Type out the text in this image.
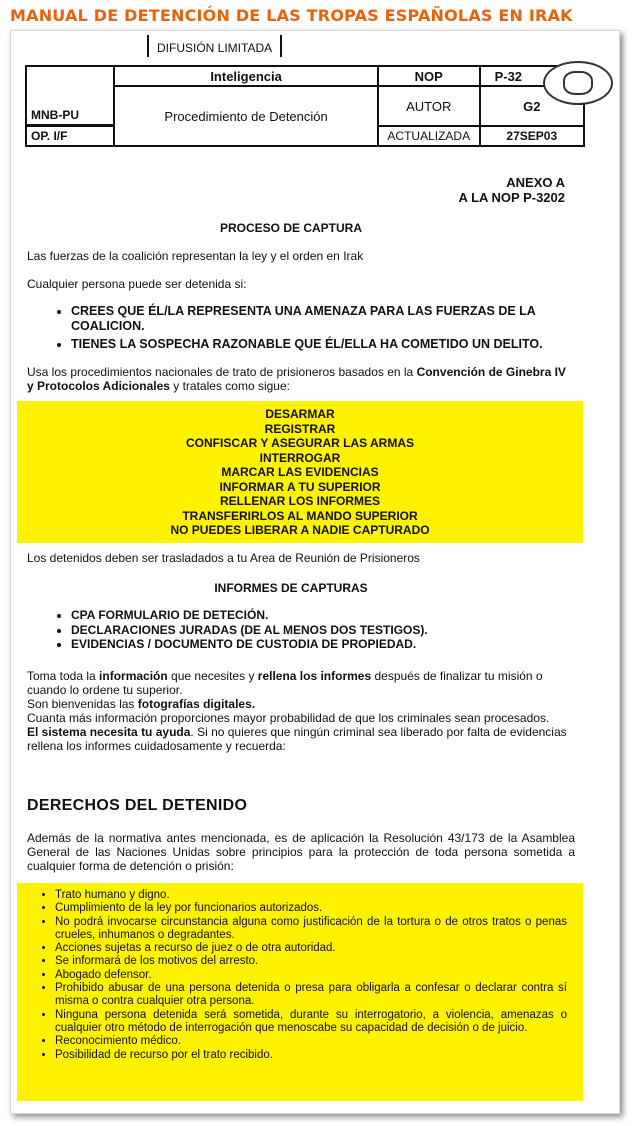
MANUAL DE DETENCIÓN DE LAS TROPAS ESPAÑOLAS EN IRAK
DIFUSIÓN LIMITADA
MNB-PU	Inteligencia	NOP	P-32
	Procedimiento de Detención	AUTOR	G2
OP. I/F		ACTUALIZADA	27SEP03
ANEXO A
A LA NOP P-3202
PROCESO DE CAPTURA
Las fuerzas de la coalición representan la ley y el orden en Irak
Cualquier persona puede ser detenida si:
• CREES QUE ÉL/LA REPRESENTA UNA AMENAZA PARA LAS FUERZAS DE LA COALICION.
• TIENES LA SOSPECHA RAZONABLE QUE ÉL/ELLA HA COMETIDO UN DELITO.
Usa los procedimientos nacionales de trato de prisioneros basados en la Convención de Ginebra IV y Protocolos Adicionales y tratales como sigue:
DESARMAR
REGISTRAR
CONFISCAR Y ASEGURAR LAS ARMAS
INTERROGAR
MARCAR LAS EVIDENCIAS
INFORMAR A TU SUPERIOR
RELLENAR LOS INFORMES
TRANSFERIRLOS AL MANDO SUPERIOR
NO PUEDES LIBERAR A NADIE CAPTURADO
Los detenidos deben ser trasladados a tu Area de Reunión de Prisioneros
INFORMES DE CAPTURAS
• CPA FORMULARIO DE DETECIÓN.
• DECLARACIONES JURADAS (DE AL MENOS DOS TESTIGOS).
• EVIDENCIAS / DOCUMENTO DE CUSTODIA DE PROPIEDAD.
Toma toda la información que necesites y rellena los informes después de finalizar tu misión o cuando lo ordene tu superior.
Son bienvenidas las fotografías digitales.
Cuanta más información proporciones mayor probabilidad de que los criminales sean procesados.
El sistema necesita tu ayuda. Si no quieres que ningún criminal sea liberado por falta de evidencias rellena los informes cuidadosamente y recuerda:
DERECHOS DEL DETENIDO
Además de la normativa antes mencionada, es de aplicación la Resolución 43/173 de la Asamblea General de las Naciones Unidas sobre principios para la protección de toda persona sometida a cualquier forma de detención o prisión:
• Trato humano y digno.
• Cumplimiento de la ley por funcionarios autorizados.
• No podrá invocarse circunstancia alguna como justificación de la tortura o de otros tratos o penas crueles, inhumanos o degradantes.
• Acciones sujetas a recurso de juez o de otra autoridad.
• Se informará de los motivos del arresto.
• Abogado defensor.
• Prohibido abusar de una persona detenida o presa para obligarla a confesar o declarar contra sí misma o contra cualquier otra persona.
• Ninguna persona detenida será sometida, durante su interrogatorio, a violencia, amenazas o cualquier otro método de interrogación que menoscabe su capacidad de decisión o de juicio.
• Reconocimiento médico.
• Posibilidad de recurso por el trato recibido.
